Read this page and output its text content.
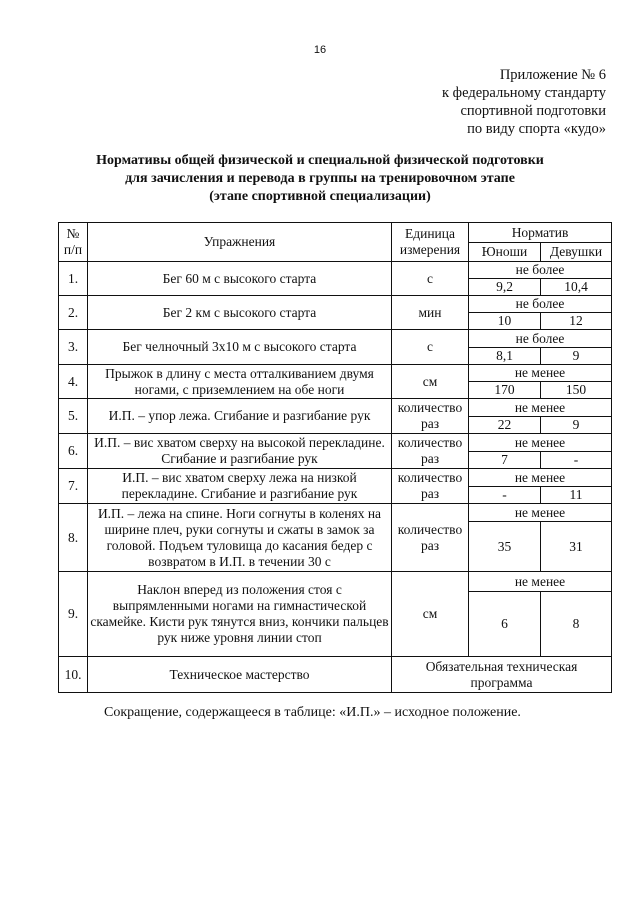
16
Приложение № 6
к федеральному стандарту
спортивной подготовки
по виду спорта «кудо»
Нормативы общей физической и специальной физической подготовки
для зачисления и перевода в группы на тренировочном этапе
(этапе спортивной специализации)
№ п/п	Упражнения	Единица измерения	Норматив	
			Юноши	Девушки
1.	Бег 60 м с высокого старта	с	не более	
			9,2	10,4
2.	Бег 2 км с высокого старта	мин	не более	
			10	12
3.	Бег челночный 3х10 м с высокого старта	с	не более	
			8,1	9
4.	Прыжок в длину с места отталкиванием двумя ногами, с приземлением на обе ноги	см	не менее	
			170	150
5.	И.П. – упор лежа. Сгибание и разгибание рук	количество раз	не менее	
			22	9
6.	И.П. – вис хватом сверху на высокой перекладине. Сгибание и разгибание рук	количество раз	не менее	
			7	-
7.	И.П. – вис хватом сверху лежа на низкой перекладине. Сгибание и разгибание рук	количество раз	не менее	
			-	11
8.	И.П. – лежа на спине. Ноги согнуты в коленях на ширине плеч, руки согнуты и сжаты в замок за головой. Подъем туловища до касания бедер с возвратом в И.П. в течении 30 с	количество раз	не менее	
			35	31
9.	Наклон вперед из положения стоя с выпрямленными ногами на гимнастической скамейке. Кисти рук тянутся вниз, кончики пальцев рук ниже уровня линии стоп	см	не менее	
			6	8
10.	Техническое мастерство	Обязательная техническая программа		
Сокращение, содержащееся в таблице: «И.П.» – исходное положение.
